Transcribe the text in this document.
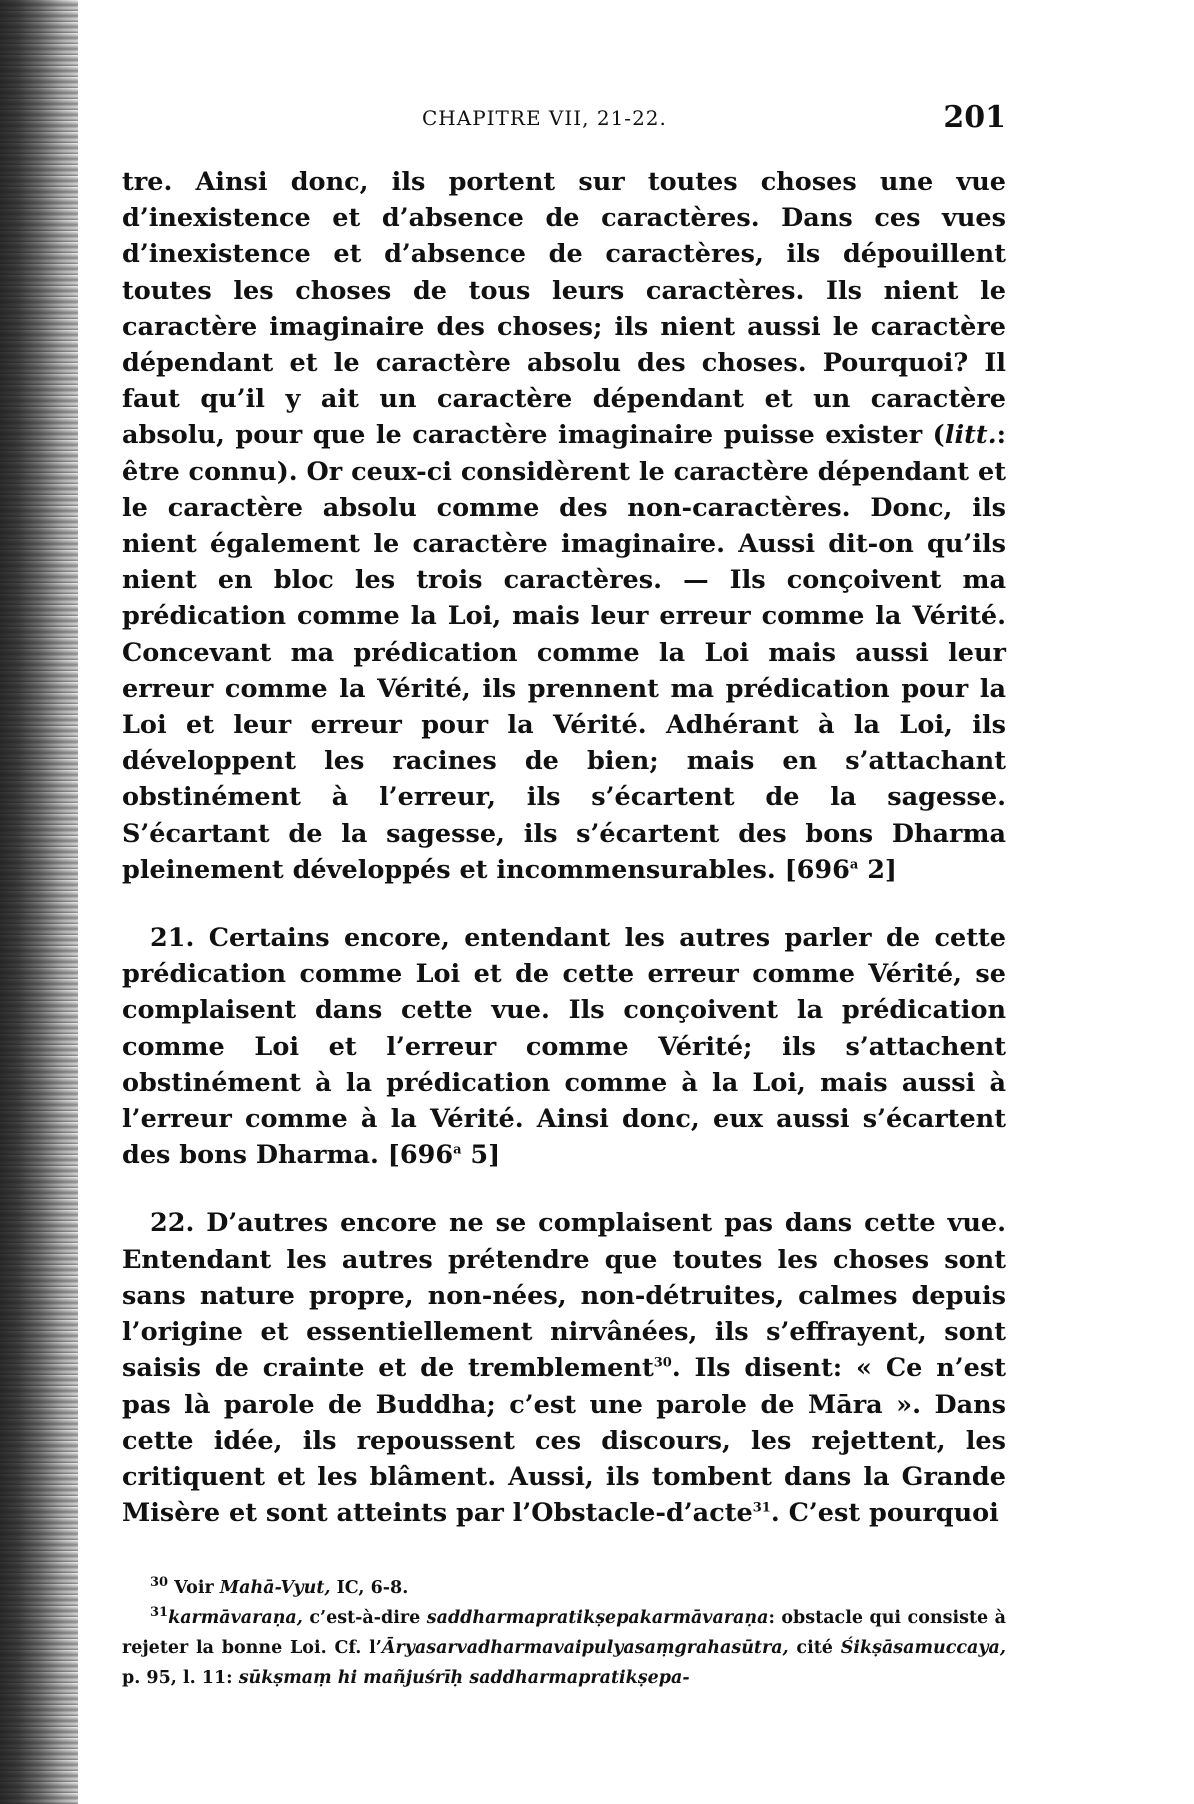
CHAPITRE VII, 21-22.	201

tre. Ainsi donc, ils portent sur toutes choses une vue d’inexistence et d’absence de caractères. Dans ces vues d’inexistence et d’absence de caractères, ils dépouillent toutes les choses de tous leurs caractères. Ils nient le caractère imaginaire des choses; ils nient aussi le caractère dépendant et le caractère absolu des choses. Pourquoi? Il faut qu’il y ait un caractère dépendant et un caractère absolu, pour que le caractère imaginaire puisse exister (litt.: être connu). Or ceux-ci considèrent le caractère dépendant et le caractère absolu comme des non-caractères. Donc, ils nient également le caractère imaginaire. Aussi dit-on qu’ils nient en bloc les trois caractères. — Ils conçoivent ma prédication comme la Loi, mais leur erreur comme la Vérité. Concevant ma prédication comme la Loi mais aussi leur erreur comme la Vérité, ils prennent ma prédication pour la Loi et leur erreur pour la Vérité. Adhérant à la Loi, ils développent les racines de bien; mais en s’attachant obstinément à l’erreur, ils s’écartent de la sagesse. S’écartant de la sagesse, ils s’écartent des bons Dharma pleinement développés et incommensurables. [696$^a$ 2]

21. Certains encore, entendant les autres parler de cette prédication comme Loi et de cette erreur comme Vérité, se complaisent dans cette vue. Ils conçoivent la prédication comme Loi et l’erreur comme Vérité; ils s’attachent obstinément à la prédication comme à la Loi, mais aussi à l’erreur comme à la Vérité. Ainsi donc, eux aussi s’écartent des bons Dharma. [696$^a$ 5]

22. D’autres encore ne se complaisent pas dans cette vue. Entendant les autres prétendre que toutes les choses sont sans nature propre, non-nées, non-détruites, calmes depuis l’origine et essentiellement nirvânées, ils s’effrayent, sont saisis de crainte et de tremblement$^{30}$. Ils disent: « Ce n’est pas là parole de Buddha; c’est une parole de Māra ». Dans cette idée, ils repoussent ces discours, les rejettent, les critiquent et les blâment. Aussi, ils tombent dans la Grande Misère et sont atteints par l’Obstacle-d’acte$^{31}$. C’est pourquoi

$^{30}$ Voir Mahā-Vyut, IC, 6-8.

$^{31}$karmāvaraṇa, c’est-à-dire saddharmapratikṣepakarmāvaraṇa: obstacle qui consiste à rejeter la bonne Loi. Cf. l’Āryasarvadharmavaipulyasaṃgrahasūtra, cité Śikṣāsamuccaya, p. 95, l. 11: sūkṣmaṃ hi mañjuśrīḥ saddharmapratikṣepa-
